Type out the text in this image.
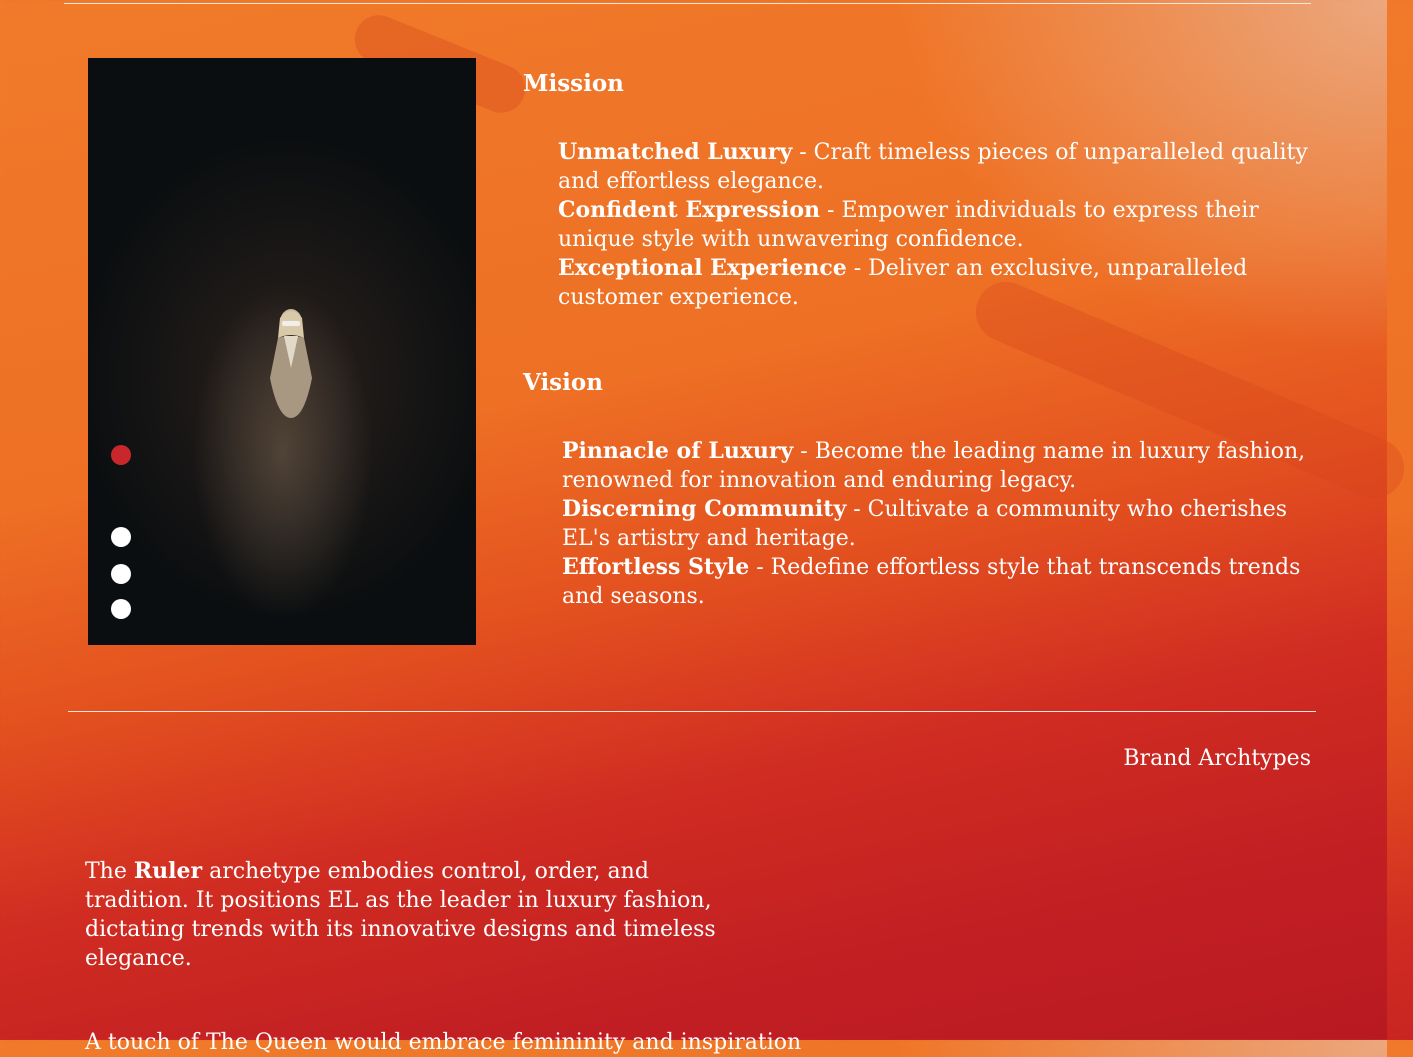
Mission

Unmatched Luxury - Craft timeless pieces of unparalleled quality and effortless elegance.

Confident Expression - Empower individuals to express their unique style with unwavering confidence.

Exceptional Experience - Deliver an exclusive, unparalleled customer experience.

Vision

Pinnacle of Luxury - Become the leading name in luxury fashion, renowned for innovation and enduring legacy.

Discerning Community - Cultivate a community who cherishes EL's artistry and heritage.

Effortless Style - Redefine effortless style that transcends trends and seasons.

Brand Archtypes

The Ruler archetype embodies control, order, and tradition. It positions EL as the leader in luxury fashion, dictating trends with its innovative designs and timeless elegance.

A touch of The Queen would embrace femininity and inspiration
